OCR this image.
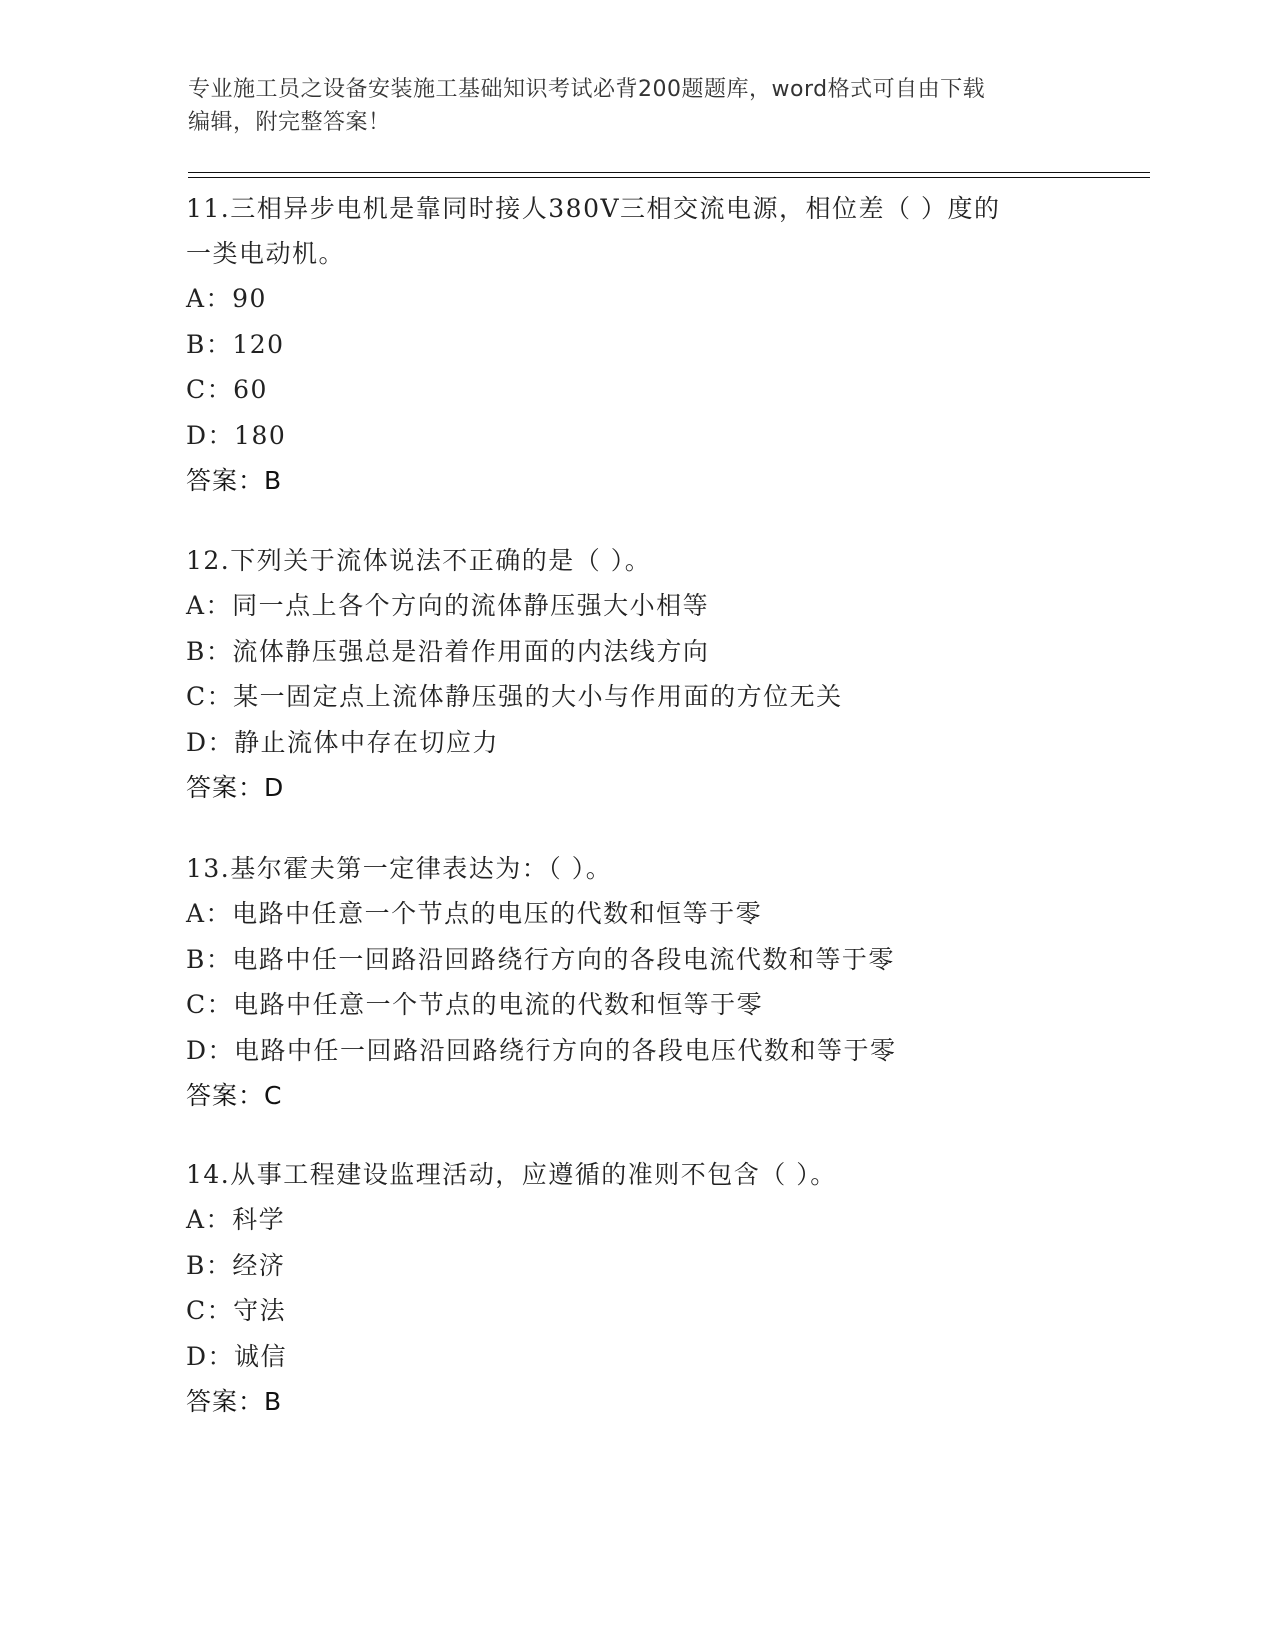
专业施工员之设备安装施工基础知识考试必背200题题库，word格式可自由下载
编辑，附完整答案！
11.三相异步电机是靠同时接人380V三相交流电源，相位差（ ）度的
一类电动机。
A：90
B：120
C：60
D：180
答案：B
12.下列关于流体说法不正确的是（ ）。
A：同一点上各个方向的流体静压强大小相等
B：流体静压强总是沿着作用面的内法线方向
C：某一固定点上流体静压强的大小与作用面的方位无关
D：静止流体中存在切应力
答案：D
13.基尔霍夫第一定律表达为：（ ）。
A：电路中任意一个节点的电压的代数和恒等于零
B：电路中任一回路沿回路绕行方向的各段电流代数和等于零
C：电路中任意一个节点的电流的代数和恒等于零
D：电路中任一回路沿回路绕行方向的各段电压代数和等于零
答案：C
14.从事工程建设监理活动，应遵循的准则不包含（ ）。
A：科学
B：经济
C：守法
D：诚信
答案：B
